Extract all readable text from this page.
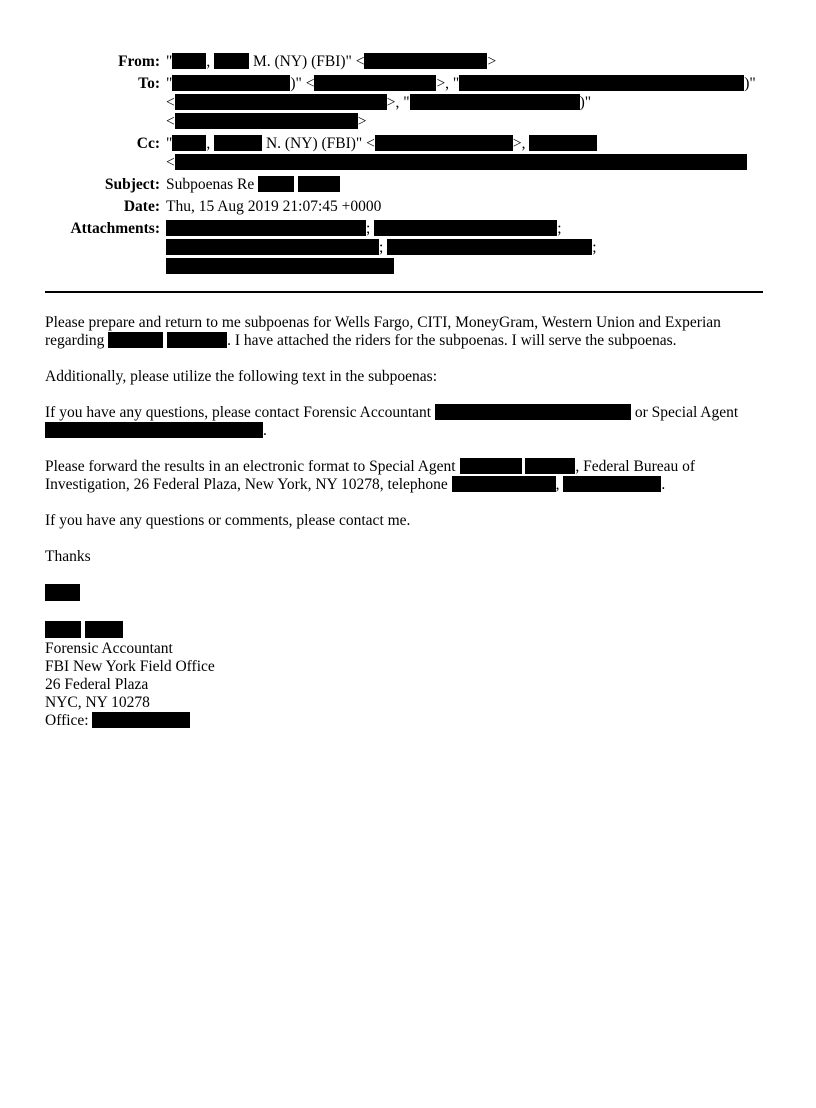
From: " ,  M. (NY) (FBI)" <	>
To: "	)" <	>, "	)"
<	>, "	)"
<	>
Cc: " ,	N. (NY) (FBI)" <	>,
<
Subject: Subpoenas Re
Date: Thu, 15 Aug 2019 21:07:45 +0000
Attachments:	;	;
;	;
Please prepare and return to me subpoenas for Wells Fargo, CITI, MoneyGram, Western Union and Experian
regarding	. I have attached the riders for the subpoenas. I will serve the subpoenas.
Additionally, please utilize the following text in the subpoenas:
If you have any questions, please contact Forensic Accountant	or Special Agent
.
Please forward the results in an electronic format to Special Agent	, Federal Bureau of
Investigation, 26 Federal Plaza, New York, NY 10278, telephone	,	.
If you have any questions or comments, please contact me.
Thanks

Forensic Accountant
FBI New York Field Office
26 Federal Plaza
NYC, NY 10278
Office:
